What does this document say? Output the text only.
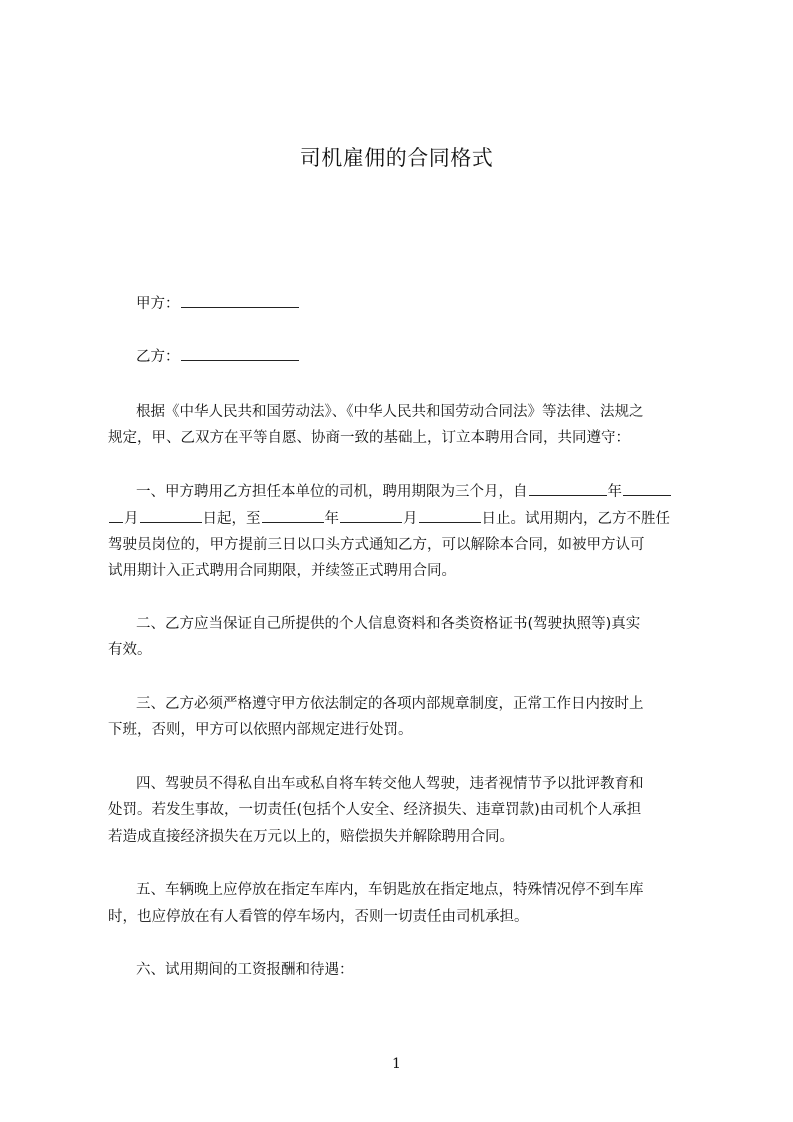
司机雇佣的合同格式
甲方：
乙方：
根据《中华人民共和国劳动法》、《中华人民共和国劳动合同法》等法律、法规之
规定，甲、乙双方在平等自愿、协商一致的基础上，订立本聘用合同，共同遵守：
一、甲方聘用乙方担任本单位的司机，聘用期限为三个月，自	年
月	日起，至	年	月	日止。试用期内，乙方不胜任
驾驶员岗位的，甲方提前三日以口头方式通知乙方，可以解除本合同，如被甲方认可
试用期计入正式聘用合同期限，并续签正式聘用合同。
二、乙方应当保证自己所提供的个人信息资料和各类资格证书(驾驶执照等)真实
有效。
三、乙方必须严格遵守甲方依法制定的各项内部规章制度，正常工作日内按时上
下班，否则，甲方可以依照内部规定进行处罚。
四、驾驶员不得私自出车或私自将车转交他人驾驶，违者视情节予以批评教育和
处罚。若发生事故，一切责任(包括个人安全、经济损失、违章罚款)由司机个人承担
若造成直接经济损失在万元以上的，赔偿损失并解除聘用合同。
五、车辆晚上应停放在指定车库内，车钥匙放在指定地点，特殊情况停不到车库
时，也应停放在有人看管的停车场内，否则一切责任由司机承担。
六、试用期间的工资报酬和待遇：
1
